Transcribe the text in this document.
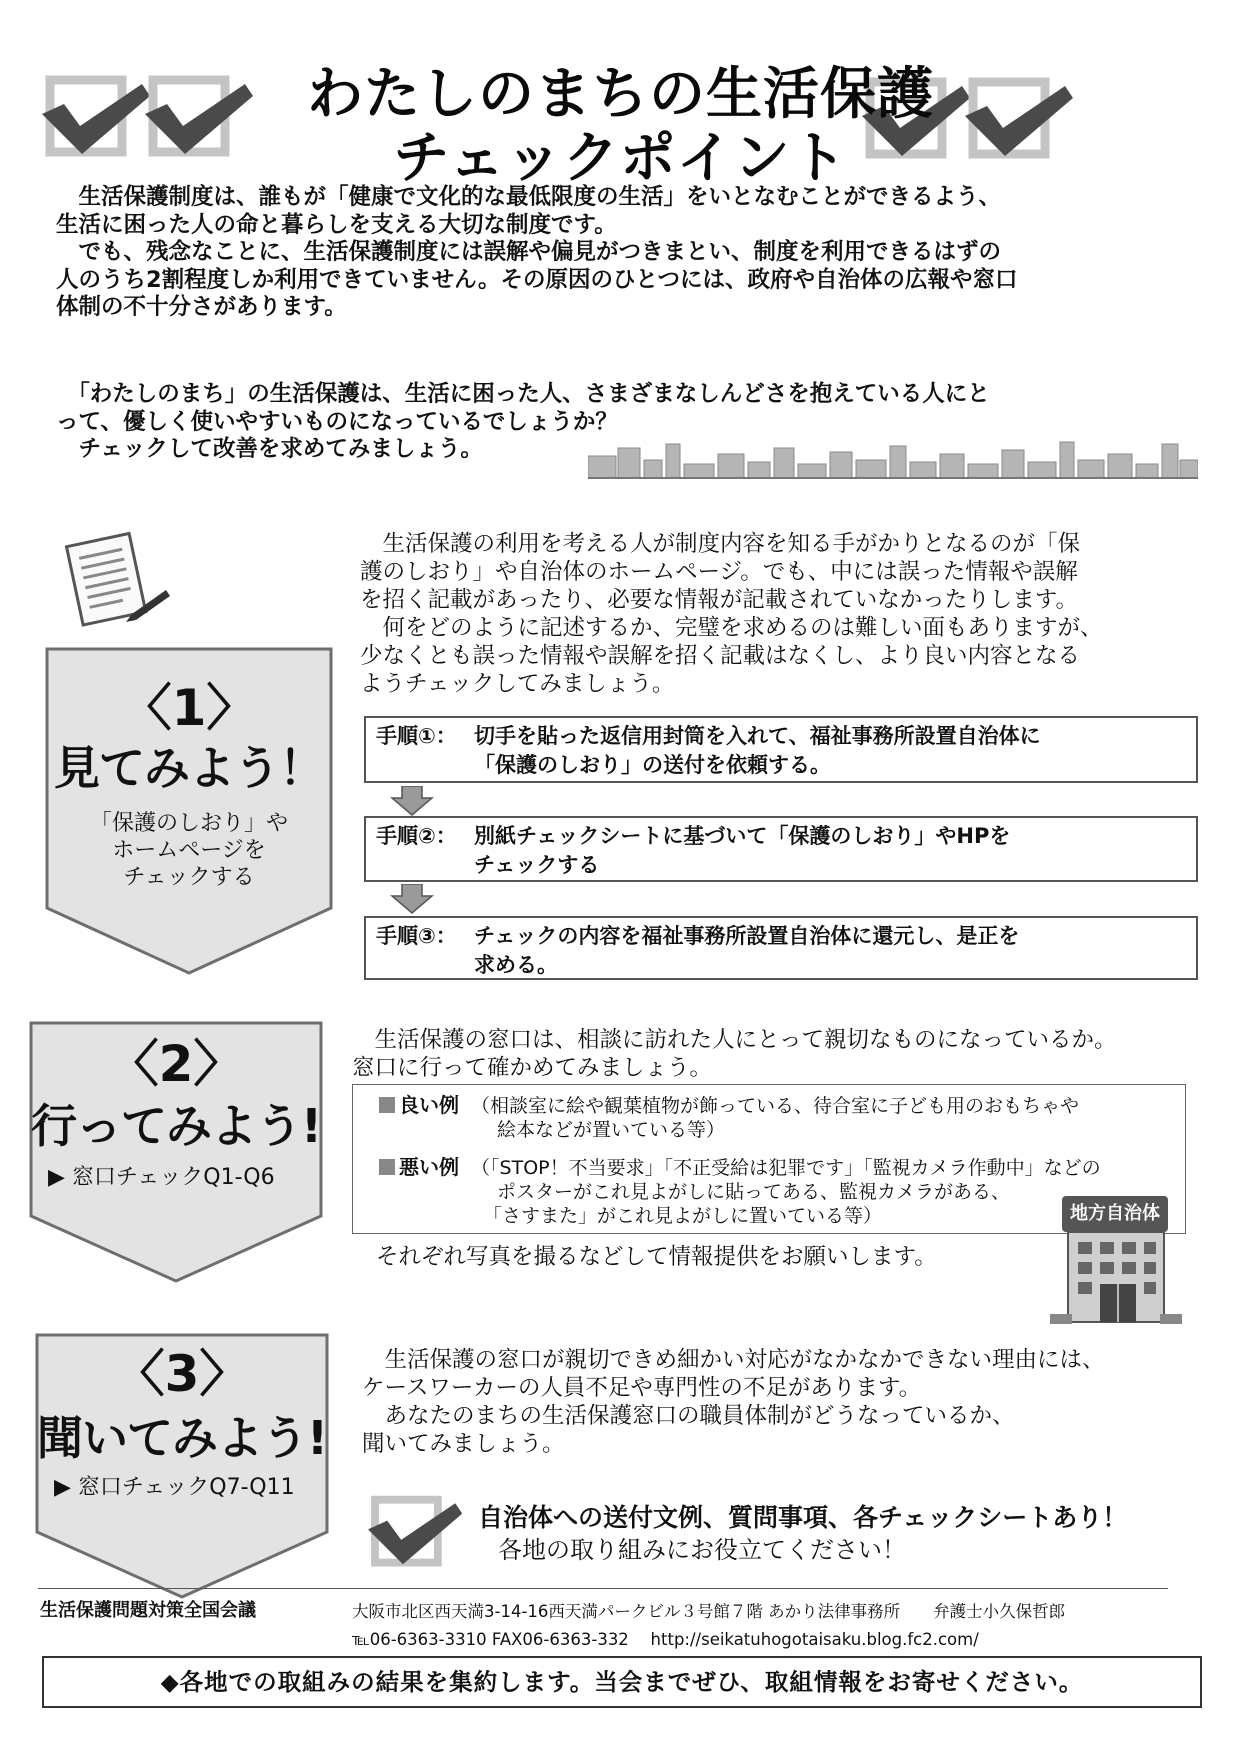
わたしのまちの生活保護
チェックポイント

　生活保護制度は、誰もが「健康で文化的な最低限度の生活」をいとなむことができるよう、

生活に困った人の命と暮らしを支える大切な制度です。

　でも、残念なことに、生活保護制度には誤解や偏見がつきまとい、制度を利用できるはずの

人のうち2割程度しか利用できていません。その原因のひとつには、政府や自治体の広報や窓口

体制の不十分さがあります。

　「わたしのまち」の生活保護は、生活に困った人、さまざまなしんどさを抱えている人にと

って、優しく使いやすいものになっているでしょうか？

　チェックして改善を求めてみましょう。

〈1〉
見てみよう！
「保護のしおり」や
ホームページを
チェックする

　生活保護の利用を考える人が制度内容を知る手がかりとなるのが「保

護のしおり」や自治体のホームページ。でも、中には誤った情報や誤解

を招く記載があったり、必要な情報が記載されていなかったりします。

　何をどのように記述するか、完璧を求めるのは難しい面もありますが、

少なくとも誤った情報や誤解を招く記載はなくし、より良い内容となる

ようチェックしてみましょう。

手順①： 切手を貼った返信用封筒を入れて、福祉事務所設置自治体に
「保護のしおり」の送付を依頼する。
手順②： 別紙チェックシートに基づいて「保護のしおり」やHPを
チェックする
手順③： チェックの内容を福祉事務所設置自治体に還元し、是正を
求める。
〈2〉
行ってみよう!
▶ 窓口チェックQ1-Q6

　生活保護の窓口は、相談に訪れた人にとって親切なものになっているか。

窓口に行って確かめてみましょう。

良い例 （相談室に絵や観葉植物が飾っている、待合室に子ども用のおもちゃや
絵本などが置いている等）
悪い例 （「STOP！不当要求」「不正受給は犯罪です」「監視カメラ作動中」などの
ポスターがこれ見よがしに貼ってある、監視カメラがある、
「さすまた」がこれ見よがしに置いている等）
それぞれ写真を撮るなどして情報提供をお願いします。
地方自治体
〈3〉
聞いてみよう!
▶ 窓口チェックQ7-Q11

　生活保護の窓口が親切できめ細かい対応がなかなかできない理由には、

ケースワーカーの人員不足や専門性の不足があります。

　あなたのまちの生活保護窓口の職員体制がどうなっているか、

聞いてみましょう。

自治体への送付文例、質問事項、各チェックシートあり！
各地の取り組みにお役立てください！
生活保護問題対策全国会議	大阪市北区西天満3-14-16西天満パークビル３号館７階 あかり法律事務所　　弁護士小久保哲郎
℡06-6363-3310 FAX06-6363-332　 http://seikatuhogotaisaku.blog.fc2.com/
◆各地での取組みの結果を集約します。当会までぜひ、取組情報をお寄せください。
